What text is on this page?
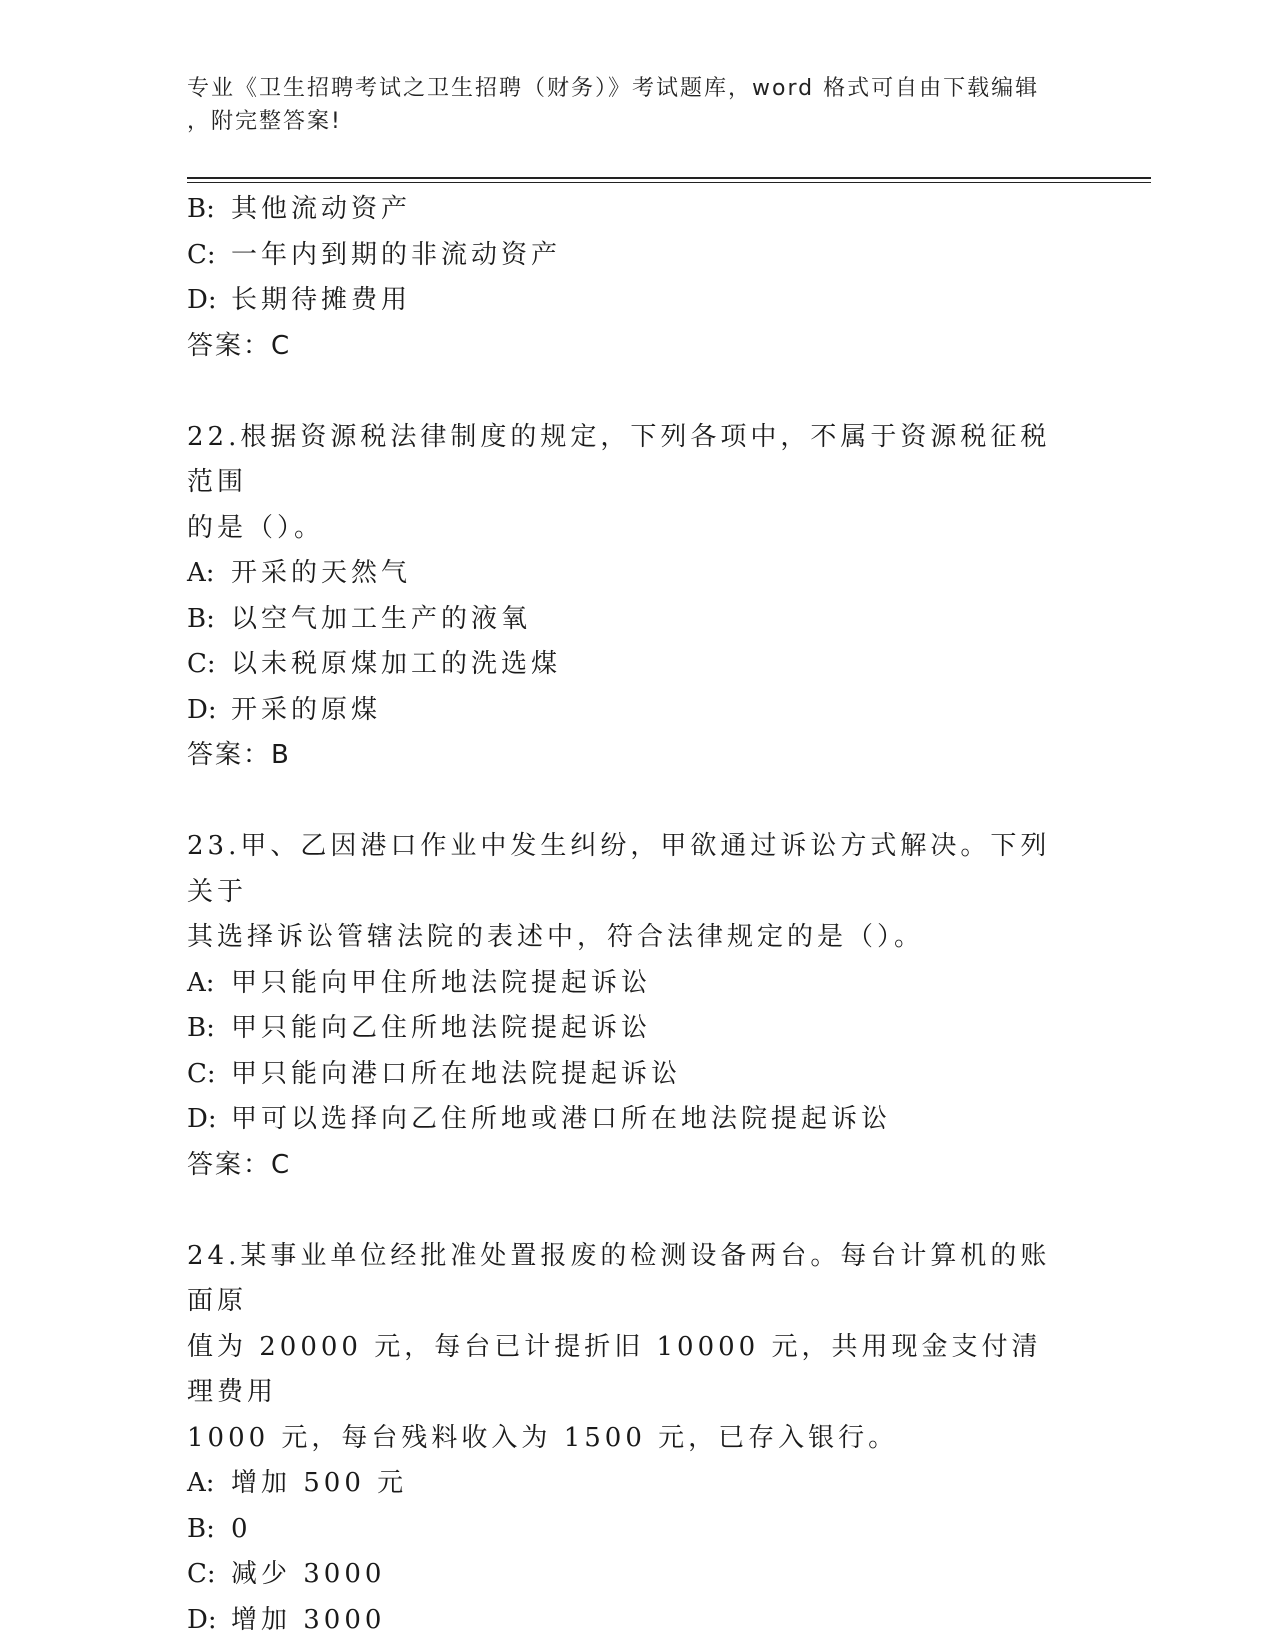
专业《卫生招聘考试之卫生招聘（财务）》考试题库，word 格式可自由下载编辑
，附完整答案!
B: 其他流动资产
C: 一年内到期的非流动资产
D: 长期待摊费用
答案：C
22.根据资源税法律制度的规定，下列各项中，不属于资源税征税范围
的是（）。
A: 开采的天然气
B: 以空气加工生产的液氧
C: 以未税原煤加工的洗选煤
D: 开采的原煤
答案：B
23.甲、乙因港口作业中发生纠纷，甲欲通过诉讼方式解决。下列关于
其选择诉讼管辖法院的表述中，符合法律规定的是（）。
A: 甲只能向甲住所地法院提起诉讼
B: 甲只能向乙住所地法院提起诉讼
C: 甲只能向港口所在地法院提起诉讼
D: 甲可以选择向乙住所地或港口所在地法院提起诉讼
答案：C
24.某事业单位经批准处置报废的检测设备两台。每台计算机的账面原
值为 20000 元，每台已计提折旧 10000 元，共用现金支付清理费用
1000 元，每台残料收入为 1500 元，已存入银行。
A: 增加 500 元
B: 0
C: 减少 3000
D: 增加 3000
